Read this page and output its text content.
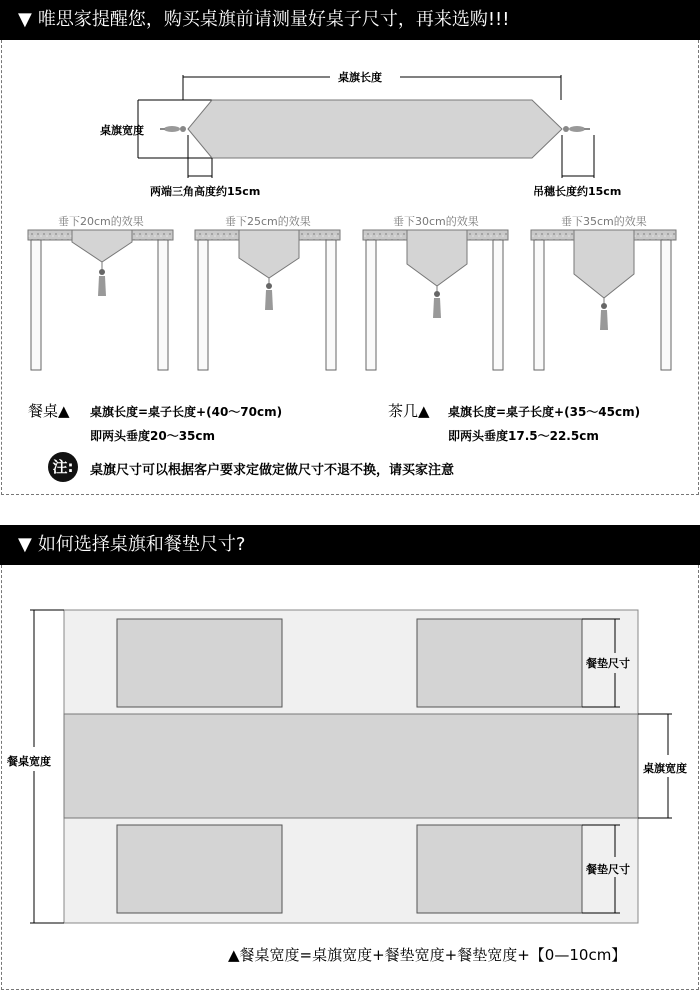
▼ 唯思家提醒您，购买桌旗前请测量好桌子尺寸，再来选购!!!
桌旗长度
桌旗宽度
两端三角高度约15cm	吊穗长度约15cm
垂下20cm的效果	垂下25cm的效果	垂下30cm的效果	垂下35cm的效果
餐桌▲ 桌旗长度=桌子长度+(40～70cm)
即两头垂度20～35cm
茶几▲ 桌旗长度=桌子长度+(35～45cm)
即两头垂度17.5～22.5cm
注:	桌旗尺寸可以根据客户要求定做定做尺寸不退不换，请买家注意
▼ 如何选择桌旗和餐垫尺寸?
餐桌宽度
桌旗宽度
餐垫尺寸
餐垫尺寸
▲餐桌宽度=桌旗宽度+餐垫宽度+餐垫宽度+【0—10cm】
